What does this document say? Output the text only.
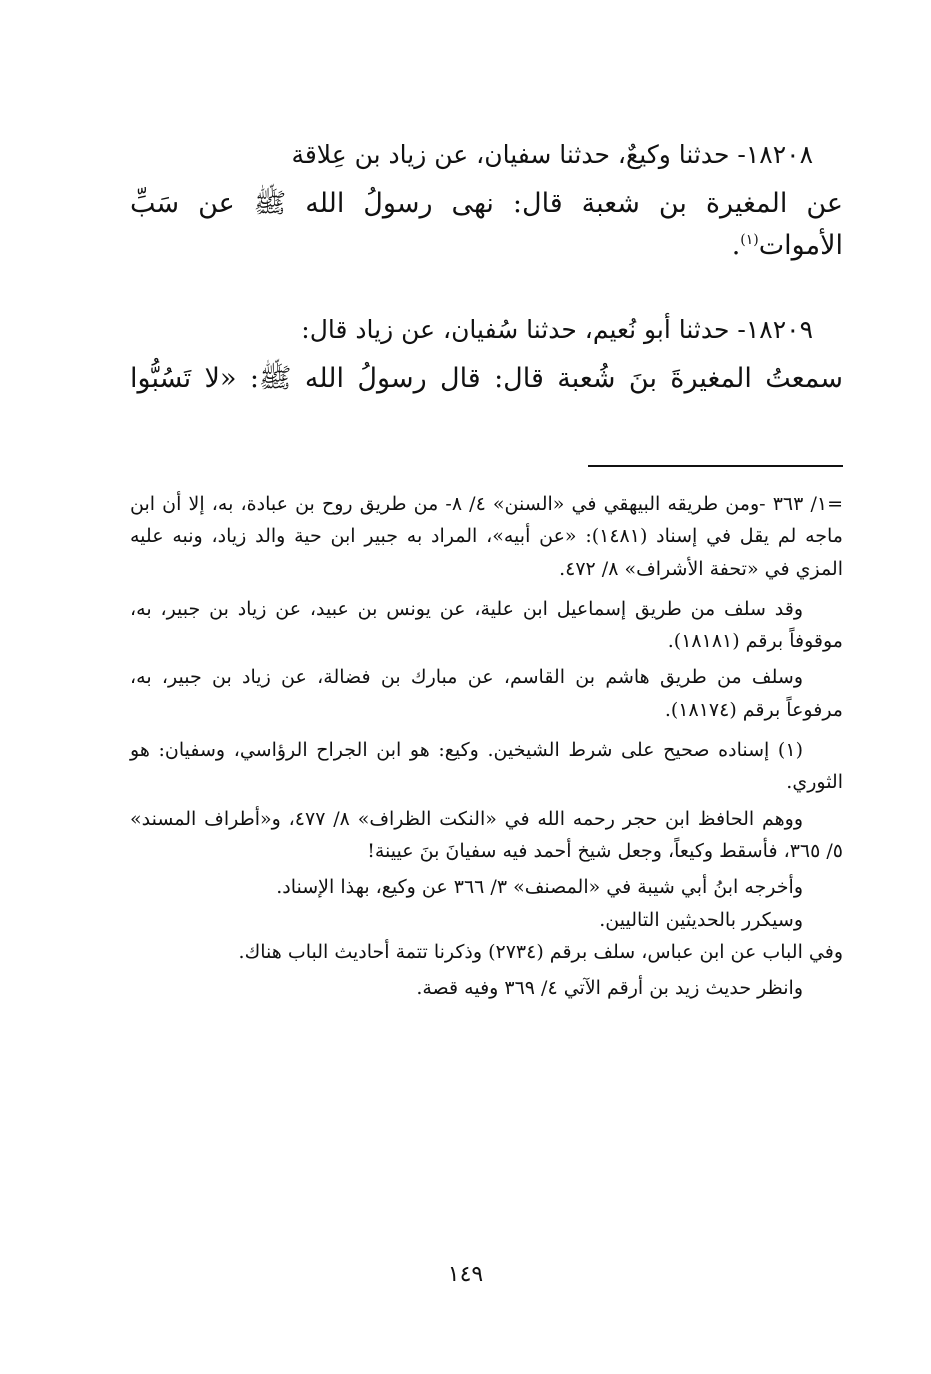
١٨٢٠٨- حدثنا وكيعٌ، حدثنا سفيان، عن زياد بن عِلاقة

عن المغيرة بن شعبة قال: نهى رسولُ الله ﷺ عن سَبِّ

الأموات$^{(١)}$.

١٨٢٠٩- حدثنا أبو نُعيم، حدثنا سُفيان، عن زياد قال:

سمعتُ المغيرةَ بنَ شُعبة قال: قال رسولُ الله ﷺ: «لا تَسُبُّوا

=١/ ٣٦٣ -ومن طريقه البيهقي في «السنن» ٤/ ٨- من طريق روح بن عبادة، به، إلا أن ابن ماجه لم يقل في إسناد (١٤٨١): «عن أبيه»، المراد به جبير ابن حية والد زياد، ونبه عليه المزي في «تحفة الأشراف» ٨/ ٤٧٢.

وقد سلف من طريق إسماعيل ابن علية، عن يونس بن عبيد، عن زياد بن جبير، به، موقوفاً برقم (١٨١٨١).

وسلف من طريق هاشم بن القاسم، عن مبارك بن فضالة، عن زياد بن جبير، به، مرفوعاً برقم (١٨١٧٤).

(١) إسناده صحيح على شرط الشيخين. وكيع: هو ابن الجراح الرؤاسي، وسفيان: هو الثوري.

ووهم الحافظ ابن حجر رحمه الله في «النكت الظراف» ٨/ ٤٧٧، و«أطراف المسند» ٥/ ٣٦٥، فأسقط وكيعاً، وجعل شيخ أحمد فيه سفيانَ بنَ عيينة!

وأخرجه ابنُ أبي شيبة في «المصنف» ٣/ ٣٦٦ عن وكيع، بهذا الإسناد.

وسيكرر بالحديثين التاليين.

وفي الباب عن ابن عباس، سلف برقم (٢٧٣٤) وذكرنا تتمة أحاديث الباب هناك.

وانظر حديث زيد بن أرقم الآتي ٤/ ٣٦٩ وفيه قصة.

١٤٩
